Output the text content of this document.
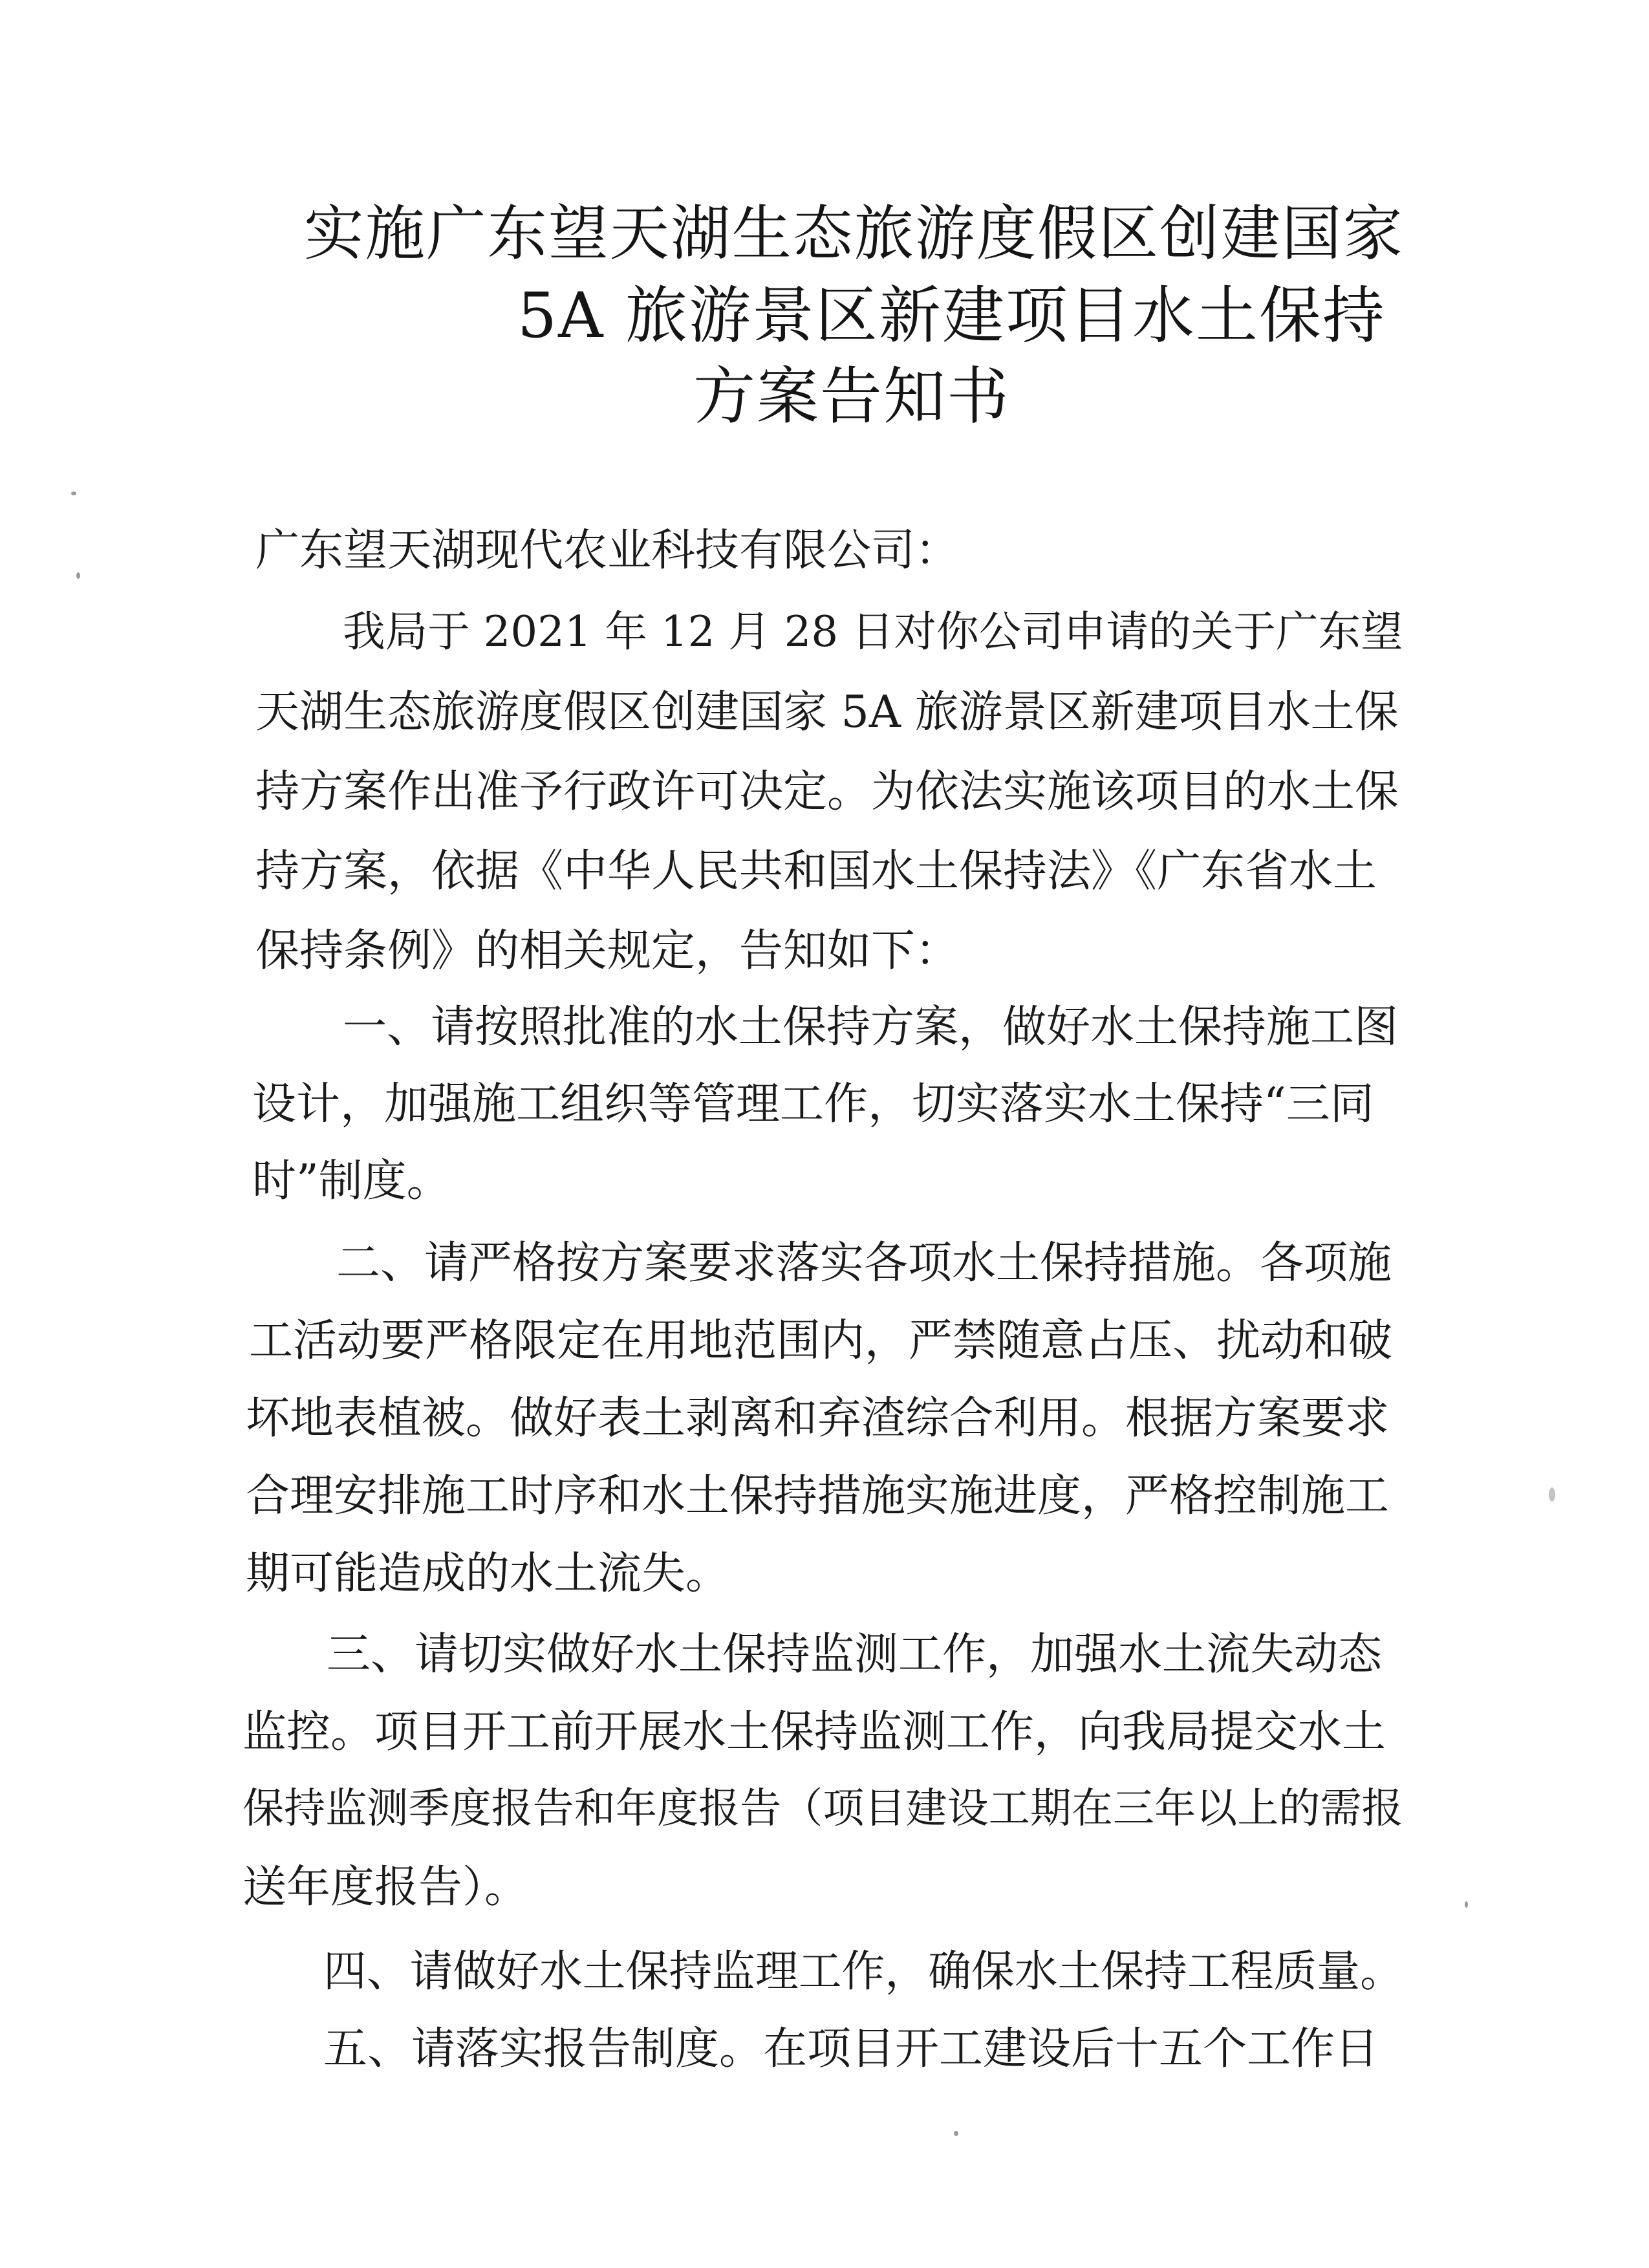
实施广东望天湖生态旅游度假区创建国家
5A 旅游景区新建项目水土保持
方案告知书
广东望天湖现代农业科技有限公司：
我局于 2021 年 12 月 28 日对你公司申请的关于广东望
天湖生态旅游度假区创建国家 5A 旅游景区新建项目水土保
持方案作出准予行政许可决定。为依法实施该项目的水土保
持方案，依据《中华人民共和国水土保持法》《广东省水土
保持条例》的相关规定，告知如下：
一、请按照批准的水土保持方案，做好水土保持施工图
设计，加强施工组织等管理工作，切实落实水土保持“三同
时”制度。
二、请严格按方案要求落实各项水土保持措施。各项施
工活动要严格限定在用地范围内，严禁随意占压、扰动和破
坏地表植被。做好表土剥离和弃渣综合利用。根据方案要求
合理安排施工时序和水土保持措施实施进度，严格控制施工
期可能造成的水土流失。
三、请切实做好水土保持监测工作，加强水土流失动态
监控。项目开工前开展水土保持监测工作，向我局提交水土
保持监测季度报告和年度报告（项目建设工期在三年以上的需报
送年度报告）。
四、请做好水土保持监理工作，确保水土保持工程质量。
五、请落实报告制度。在项目开工建设后十五个工作日
